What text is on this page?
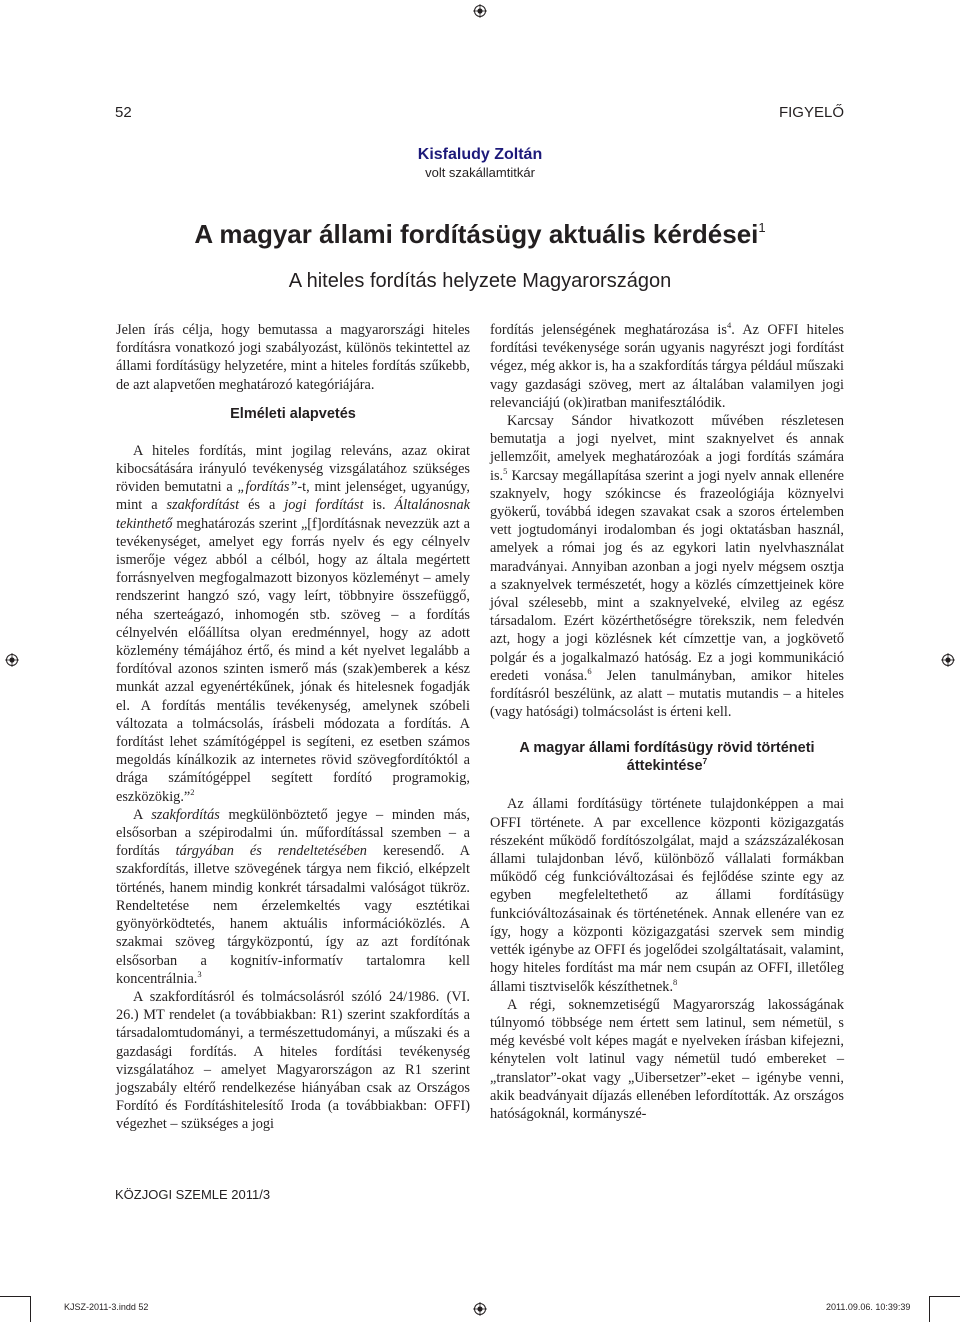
52	FIGYELŐ
Kisfaludy Zoltán
volt szakállamtitkár
A magyar állami fordításügy aktuális kérdései$^1$
A hiteles fordítás helyzete Magyarországon

Jelen írás célja, hogy bemutassa a magyarországi hiteles fordításra vonatkozó jogi szabályozást, különös tekintettel az állami fordításügy helyzetére, mint a hiteles fordítás szűkebb, de azt alapvetően meghatározó kategóriájára.

Elméleti alapvetés

A hiteles fordítás, mint jogilag releváns, azaz okirat kibocsátására irányuló tevékenység vizsgálatához szükséges röviden bemutatni a „fordítás”-t, mint jelenséget, ugyanúgy, mint a szakfordítást és a jogi fordítást is. Általánosnak tekinthető meghatározás szerint „[f]ordításnak nevezzük azt a tevékenységet, amelyet egy forrás nyelv és egy célnyelv ismerője végez abból a célból, hogy az általa megértett forrásnyelven megfogalmazott bizonyos közleményt – amely rendszerint hangzó szó, vagy leírt, többnyire összefüggő, néha szerteágazó, inhomogén stb. szöveg – a fordítás célnyelvén előállítsa olyan eredménnyel, hogy az adott közlemény témájához értő, és mind a két nyelvet legalább a fordítóval azonos szinten ismerő más (szak)emberek a kész munkát azzal egyenértékűnek, jónak és hitelesnek fogadják el. A fordítás mentális tevékenység, amelynek szóbeli változata a tolmácsolás, írásbeli módozata a fordítás. A fordítást lehet számítógéppel is segíteni, ez esetben számos megoldás kínálkozik az internetes rövid szövegfordítóktól a drága számítógéppel segített fordító programokig, eszközökig.”$^2$

A szakfordítás megkülönböztető jegye – minden más, elsősorban a szépirodalmi ún. műfordítással szemben – a fordítás tárgyában és rendeltetésében keresendő. A szakfordítás, illetve szövegének tárgya nem fikció, elképzelt történés, hanem mindig konkrét társadalmi valóságot tükröz. Rendeltetése nem érzelemkeltés vagy esztétikai gyönyörködtetés, hanem aktuális információközlés. A szakmai szöveg tárgyközpontú, így az azt fordítónak elsősorban a kognitív-informatív tartalomra kell koncentrálnia.$^3$

A szakfordításról és tolmácsolásról szóló 24/1986. (VI. 26.) MT rendelet (a továbbiakban: R1) szerint szakfordítás a társadalomtudományi, a természettudományi, a műszaki és a gazdasági fordítás. A hiteles fordítási tevékenység vizsgálatához – amelyet Magyarországon az R1 szerint jogszabály eltérő rendelkezése hiányában csak az Országos Fordító és Fordításhitelesítő Iroda (a továbbiakban: OFFI) végezhet – szükséges a jogi

fordítás jelenségének meghatározása $is^4$. Az OFFI hiteles fordítási tevékenysége során ugyanis nagyrészt jogi fordítást végez, még akkor is, ha a szakfordítás tárgya például műszaki vagy gazdasági szöveg, mert az általában valamilyen jogi relevanciájú (ok)iratban manifesztálódik.

Karcsay Sándor hivatkozott művében részletesen bemutatja a jogi nyelvet, mint szaknyelvet és annak jellemzőit, amelyek meghatározóak a jogi fordítás számára is.$^5$ Karcsay megállapítása szerint a jogi nyelv annak ellenére szaknyelv, hogy szókincse és frazeológiája köznyelvi gyökerű, továbbá idegen szavakat csak a szoros értelemben vett jogtudományi irodalomban és jogi oktatásban használ, amelyek a római jog és az egykori latin nyelvhasználat maradványai. Annyiban azonban a jogi nyelv mégsem osztja a szaknyelvek természetét, hogy a közlés címzettjeinek köre jóval szélesebb, mint a szaknyelveké, elvileg az egész társadalom. Ezért közérthetőségre törekszik, nem feledvén azt, hogy a jogi közlésnek két címzettje van, a jogkövető polgár és a jogalkalmazó hatóság. Ez a jogi kommunikáció eredeti vonása.$^6$ Jelen tanulmányban, amikor hiteles fordításról beszélünk, az alatt – mutatis mutandis – a hiteles (vagy hatósági) tolmácsolást is érteni kell.

A magyar állami fordításügy rövid történeti áttekintése$^7$

Az állami fordításügy története tulajdonképpen a mai OFFI története. A par excellence központi közigazgatás részeként működő fordítószolgálat, majd a százszázalékosan állami tulajdonban lévő, különböző vállalati formákban működő cég funkcióváltozásai és fejlődése szinte egy az egyben megfeleltethető az állami fordításügy funkcióváltozásainak és történetének. Annak ellenére van ez így, hogy a központi közigazgatási szervek sem mindig vették igénybe az OFFI és jogelődei szolgáltatásait, valamint, hogy hiteles fordítást ma már nem csupán az OFFI, illetőleg állami tisztviselők készíthetnek.$^8$

A régi, soknemzetiségű Magyarország lakosságának túlnyomó többsége nem értett sem latinul, sem németül, s még kevésbé volt képes magát e nyelveken írásban kifejezni, kénytelen volt latinul vagy németül tudó embereket – „translator”-okat vagy „Uibersetzer”-eket – igénybe venni, akik beadványait díjazás ellenében lefordították. Az országos hatóságoknál, kormányszé-

KÖZJOGI SZEMLE 2011/3
KJSZ-2011-3.indd 52	2011.09.06. 10:39:39
